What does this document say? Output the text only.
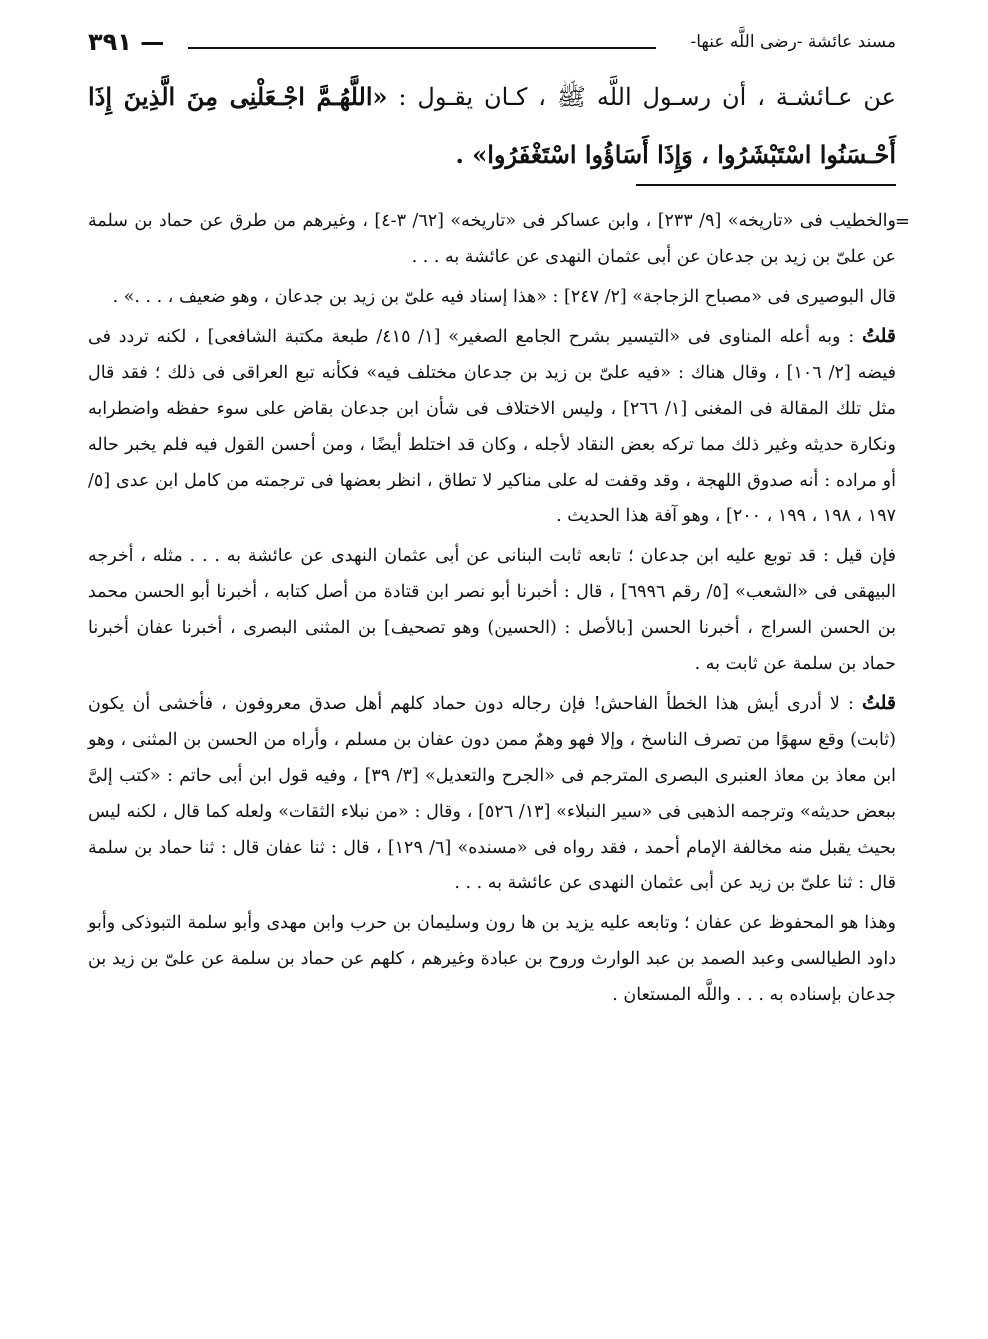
مسند عائشة -رضى اللَّه عنها-
— ٣٩١
عن عـائشـة ، أن رسـول اللَّه ﷺ ، كـان يقـول : «اللَّهُـمَّ اجْـعَلْنِى مِنَ الَّذِينَ إِذَا أَحْـسَنُوا اسْتَبْشَرُوا ، وَإِذَا أَسَاؤُوا اسْتَغْفَرُوا» .
=

والخطيب فى «تاريخه» [٩/ ٢٣٣] ، وابن عساكر فى «تاريخه» [٦٢/ ٣-٤] ، وغيرهم من طرق عن حماد بن سلمة عن علىّ بن زيد بن جدعان عن أبى عثمان النهدى عن عائشة به . . .

قال البوصيرى فى «مصباح الزجاجة» [٢/ ٢٤٧] : «هذا إسناد فيه علىّ بن زيد بن جدعان ، وهو ضعيف ، . . .» .

قلتُ : وبه أعله المناوى فى «التيسير بشرح الجامع الصغير» [١/ ٤١٥/ طبعة مكتبة الشافعى] ، لكنه تردد فى فيضه [٢/ ١٠٦] ، وقال هناك : «فيه علىّ بن زيد بن جدعان مختلف فيه» فكأنه تبع العراقى فى ذلك ؛ فقد قال مثل تلك المقالة فى المغنى [١/ ٢٦٦] ، وليس الاختلاف فى شأن ابن جدعان بقاض على سوء حفظه واضطرابه ونكارة حديثه وغير ذلك مما تركه بعض النقاد لأجله ، وكان قد اختلط أيضًا ، ومن أحسن القول فيه فلم يخبر حاله أو مراده : أنه صدوق اللهجة ، وقد وقفت له على مناكير لا تطاق ، انظر بعضها فى ترجمته من كامل ابن عدى [٥/ ١٩٧ ، ١٩٨ ، ١٩٩ ، ٢٠٠] ، وهو آفة هذا الحديث .

فإن قيل : قد توبع عليه ابن جدعان ؛ تابعه ثابت البنانى عن أبى عثمان النهدى عن عائشة به . . . مثله ، أخرجه البيهقى فى «الشعب» [٥/ رقم ٦٩٩٦] ، قال : أخبرنا أبو نصر ابن قتادة من أصل كتابه ، أخبرنا أبو الحسن محمد بن الحسن السراج ، أخبرنا الحسن [بالأصل : (الحسين) وهو تصحيف] بن المثنى البصرى ، أخبرنا عفان أخبرنا حماد بن سلمة عن ثابت به .

قلتُ : لا أدرى أيش هذا الخطأ الفاحش! فإن رجاله دون حماد كلهم أهل صدق معروفون ، فأخشى أن يكون (ثابت) وقع سهوًا من تصرف الناسخ ، وإلا فهو وهمٌ ممن دون عفان بن مسلم ، وأراه من الحسن بن المثنى ، وهو ابن معاذ بن معاذ العنبرى البصرى المترجم فى «الجرح والتعديل» [٣/ ٣٩] ، وفيه قول ابن أبى حاتم : «كتب إلىَّ ببعض حديثه» وترجمه الذهبى فى «سير النبلاء» [١٣/ ٥٢٦] ، وقال : «من نبلاء الثقات» ولعله كما قال ، لكنه ليس بحيث يقبل منه مخالفة الإمام أحمد ، فقد رواه فى «مسنده» [٦/ ١٢٩] ، قال : ثنا عفان قال : ثنا حماد بن سلمة قال : ثنا علىّ بن زيد عن أبى عثمان النهدى عن عائشة به . . .

وهذا هو المحفوظ عن عفان ؛ وتابعه عليه يزيد بن ها رون وسليمان بن حرب وابن مهدى وأبو سلمة التبوذكى وأبو داود الطيالسى وعبد الصمد بن عبد الوارث وروح بن عبادة وغيرهم ، كلهم عن حماد بن سلمة عن علىّ بن زيد بن جدعان بإسناده به . . . واللَّه المستعان .
